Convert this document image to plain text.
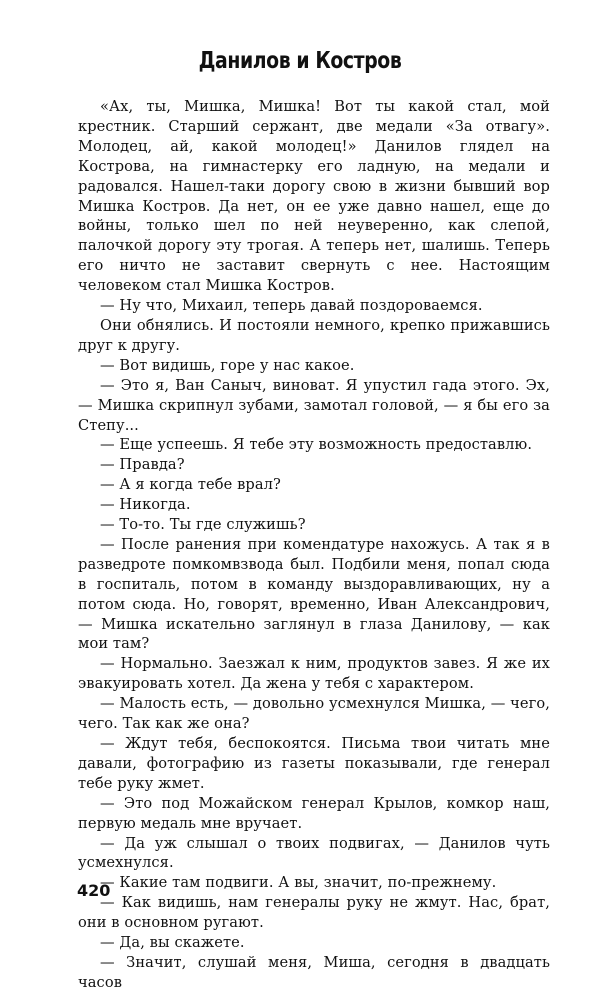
Данилов и Костров

«Ах, ты, Мишка, Мишка! Вот ты какой стал, мой крестник. Старший сержант, две медали «За отвагу». Молодец, ай, какой молодец!» Данилов глядел на Кострова, на гимнастерку его ладную, на медали и радовался. Нашел-таки дорогу свою в жизни бывший вор Мишка Костров. Да нет, он ее уже давно нашел, еще до войны, только шел по ней неуверенно, как слепой, палочкой дорогу эту трогая. А теперь нет, шалишь. Теперь его ничто не заставит свернуть с нее. Настоящим человеком стал Мишка Костров.

— Ну что, Михаил, теперь давай поздороваемся.

Они обнялись. И постояли немного, крепко прижавшись друг к другу.

— Вот видишь, горе у нас какое.

— Это я, Ван Саныч, виноват. Я упустил гада этого. Эх, — Мишка скрипнул зубами, замотал головой, — я бы его за Степу...

— Еще успеешь. Я тебе эту возможность предоставлю.

— Правда?

— А я когда тебе врал?

— Никогда.

— То-то. Ты где служишь?

— После ранения при комендатуре нахожусь. А так я в разведроте помкомвзвода был. Подбили меня, попал сюда в госпиталь, потом в команду выздоравливающих, ну а потом сюда. Но, говорят, временно, Иван Александрович, — Мишка искательно заглянул в глаза Данилову, — как мои там?

— Нормально. Заезжал к ним, продуктов завез. Я же их эвакуировать хотел. Да жена у тебя с характером.

— Малость есть, — довольно усмехнулся Мишка, — чего, чего. Так как же она?

— Ждут тебя, беспокоятся. Письма твои читать мне давали, фотографию из газеты показывали, где генерал тебе руку жмет.

— Это под Можайском генерал Крылов, комкор наш, первую медаль мне вручает.

— Да уж слышал о твоих подвигах, — Данилов чуть усмехнулся.

— Какие там подвиги. А вы, значит, по-прежнему.

— Как видишь, нам генералы руку не жмут. Нас, брат, они в основном ругают.

— Да, вы скажете.

— Значит, слушай меня, Миша, сегодня в двадцать часов

420
